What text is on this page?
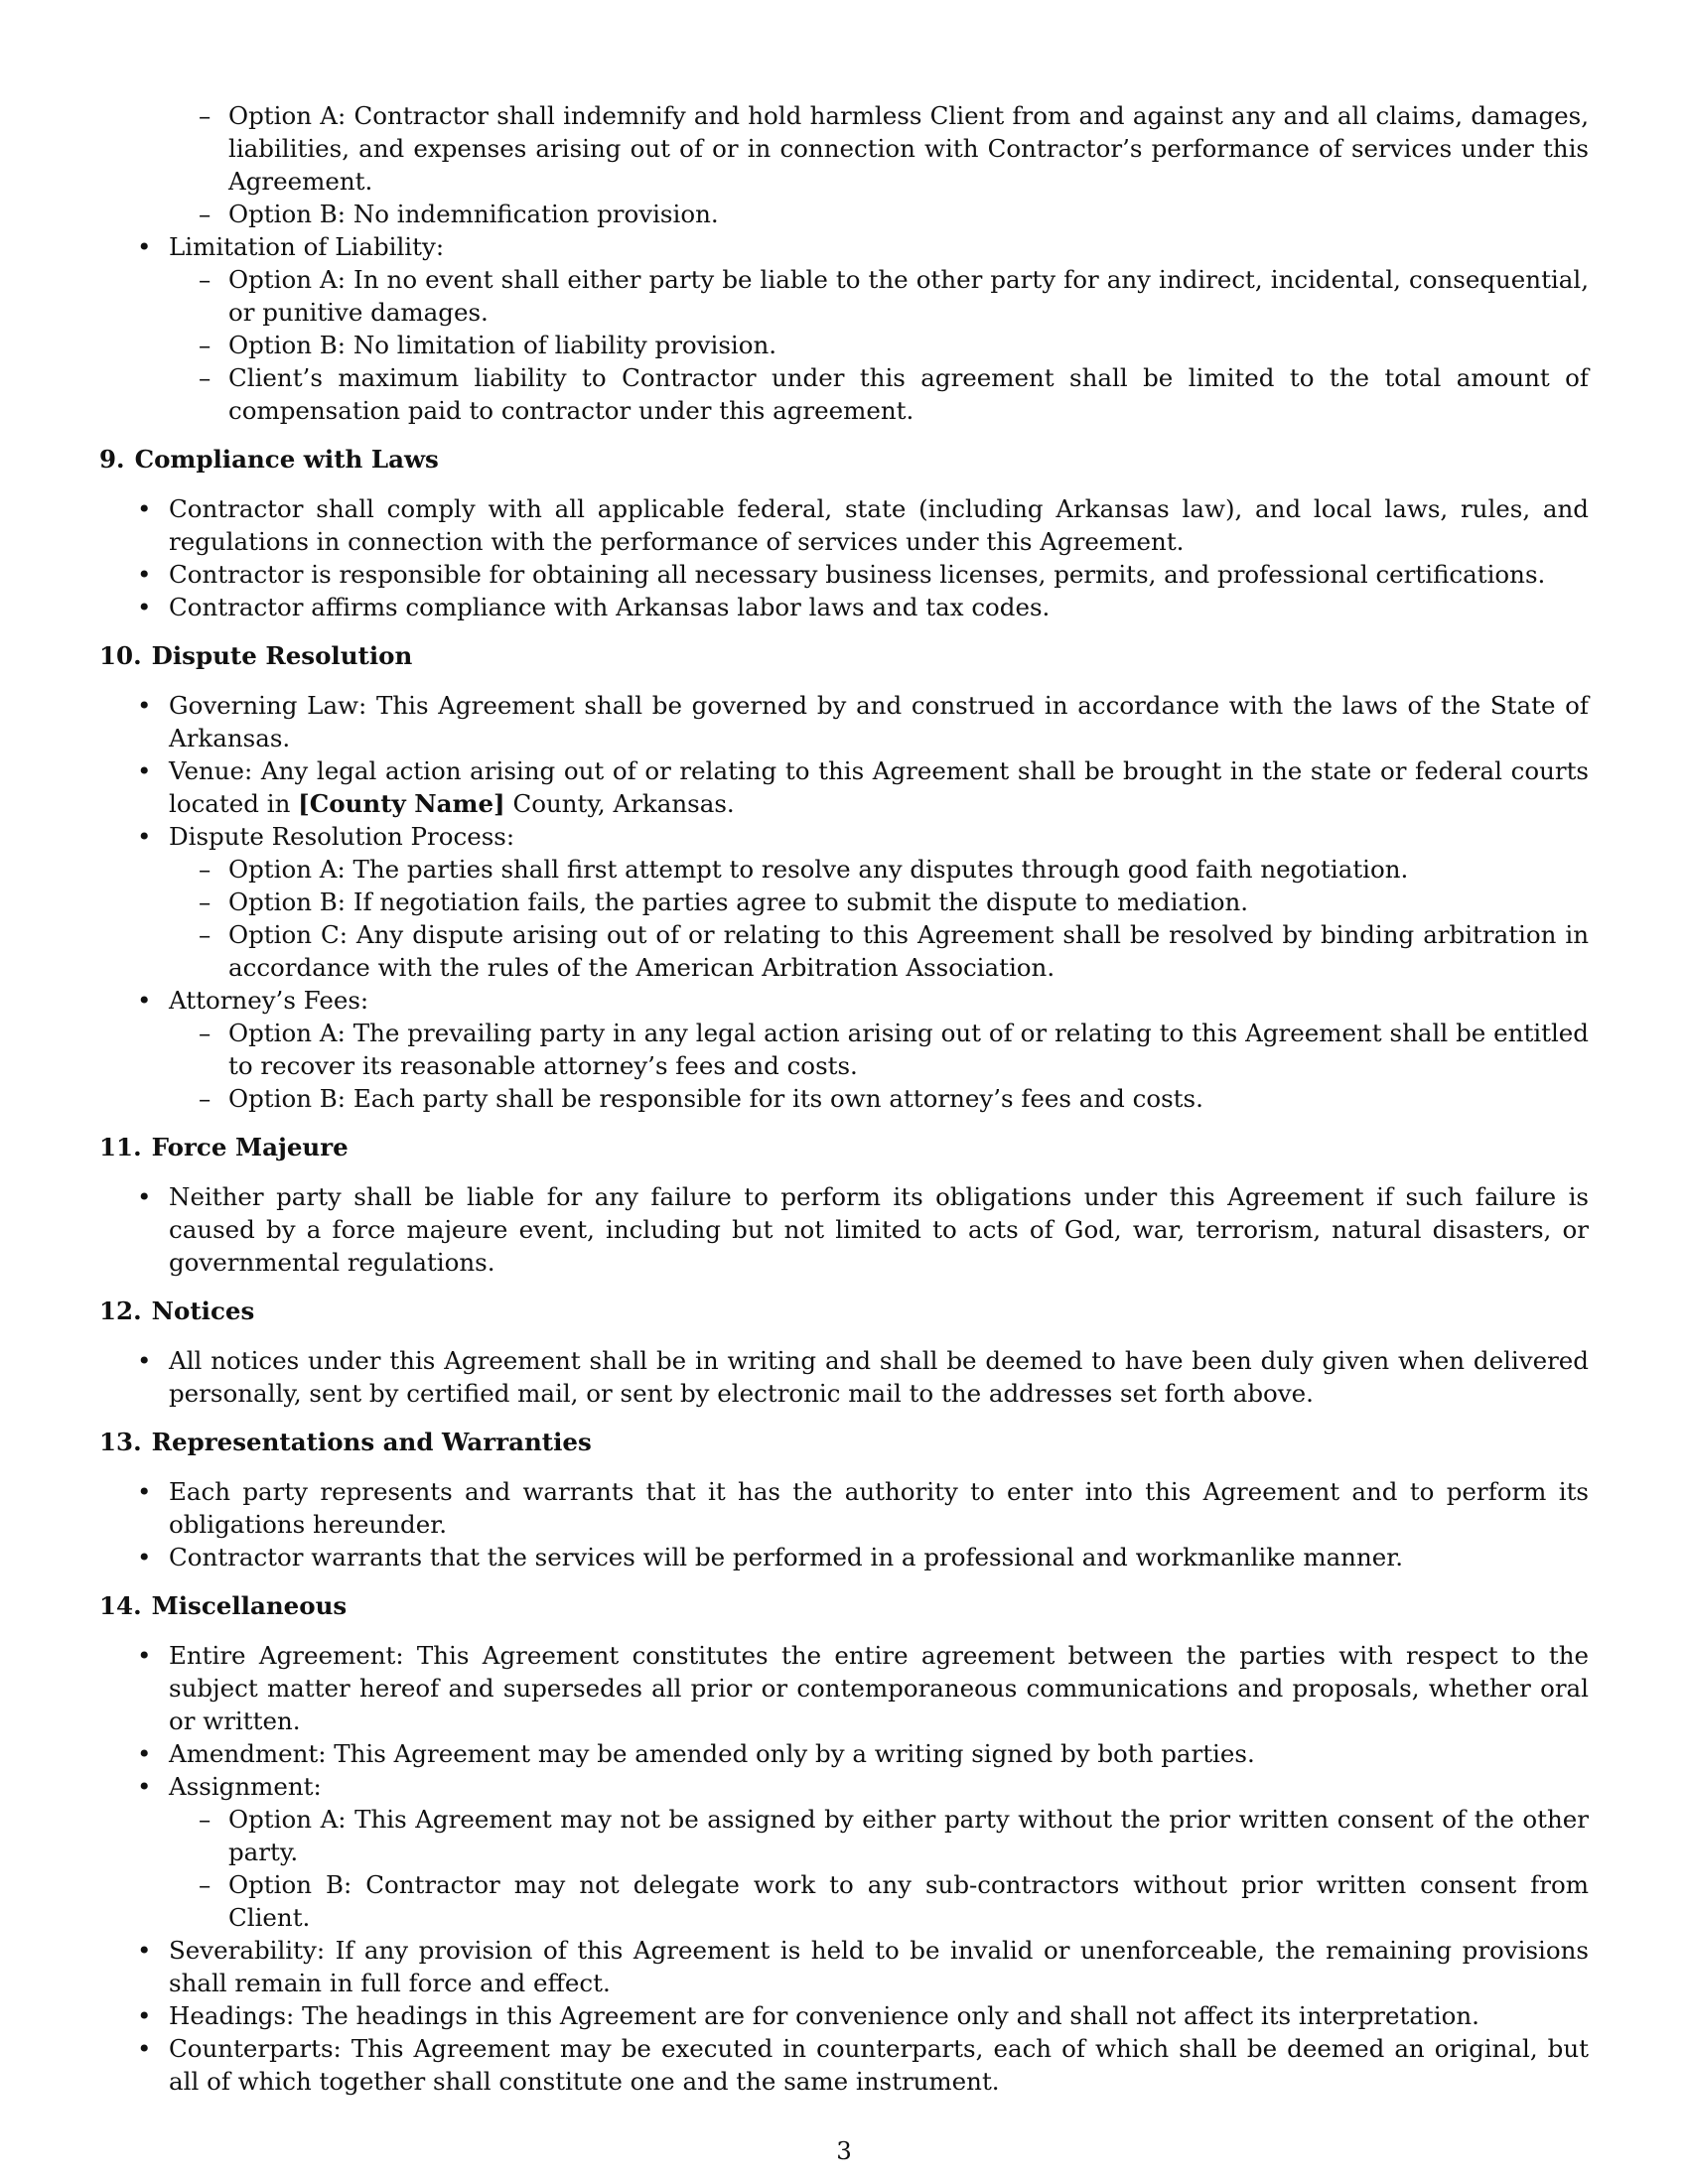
– Option A: Contractor shall indemnify and hold harmless Client from and against any and all claims, damages, liabilities, and expenses arising out of or in connection with Contractor’s performance of services under this Agreement.
– Option B: No indemnification provision.
• Limitation of Liability:
– Option A: In no event shall either party be liable to the other party for any indirect, incidental, consequential, or punitive damages.
– Option B: No limitation of liability provision.
– Client’s maximum liability to Contractor under this agreement shall be limited to the total amount of compensation paid to contractor under this agreement.
9. Compliance with Laws
• Contractor shall comply with all applicable federal, state (including Arkansas law), and local laws, rules, and regulations in connection with the performance of services under this Agreement.
• Contractor is responsible for obtaining all necessary business licenses, permits, and professional certifications.
• Contractor affirms compliance with Arkansas labor laws and tax codes.
10. Dispute Resolution
• Governing Law: This Agreement shall be governed by and construed in accordance with the laws of the State of Arkansas.
• Venue: Any legal action arising out of or relating to this Agreement shall be brought in the state or federal courts located in [County Name] County, Arkansas.
• Dispute Resolution Process:
– Option A: The parties shall first attempt to resolve any disputes through good faith negotiation.
– Option B: If negotiation fails, the parties agree to submit the dispute to mediation.
– Option C: Any dispute arising out of or relating to this Agreement shall be resolved by binding arbitration in accordance with the rules of the American Arbitration Association.
• Attorney’s Fees:
– Option A: The prevailing party in any legal action arising out of or relating to this Agreement shall be entitled to recover its reasonable attorney’s fees and costs.
– Option B: Each party shall be responsible for its own attorney’s fees and costs.
11. Force Majeure
• Neither party shall be liable for any failure to perform its obligations under this Agreement if such failure is caused by a force majeure event, including but not limited to acts of God, war, terrorism, natural disasters, or governmental regulations.
12. Notices
• All notices under this Agreement shall be in writing and shall be deemed to have been duly given when delivered personally, sent by certified mail, or sent by electronic mail to the addresses set forth above.
13. Representations and Warranties
• Each party represents and warrants that it has the authority to enter into this Agreement and to perform its obligations hereunder.
• Contractor warrants that the services will be performed in a professional and workmanlike manner.
14. Miscellaneous
• Entire Agreement: This Agreement constitutes the entire agreement between the parties with respect to the subject matter hereof and supersedes all prior or contemporaneous communications and proposals, whether oral or written.
• Amendment: This Agreement may be amended only by a writing signed by both parties.
• Assignment:
– Option A: This Agreement may not be assigned by either party without the prior written consent of the other party.
– Option B: Contractor may not delegate work to any sub-contractors without prior written consent from Client.
• Severability: If any provision of this Agreement is held to be invalid or unenforceable, the remaining provisions shall remain in full force and effect.
• Headings: The headings in this Agreement are for convenience only and shall not affect its interpretation.
• Counterparts: This Agreement may be executed in counterparts, each of which shall be deemed an original, but all of which together shall constitute one and the same instrument.
3
